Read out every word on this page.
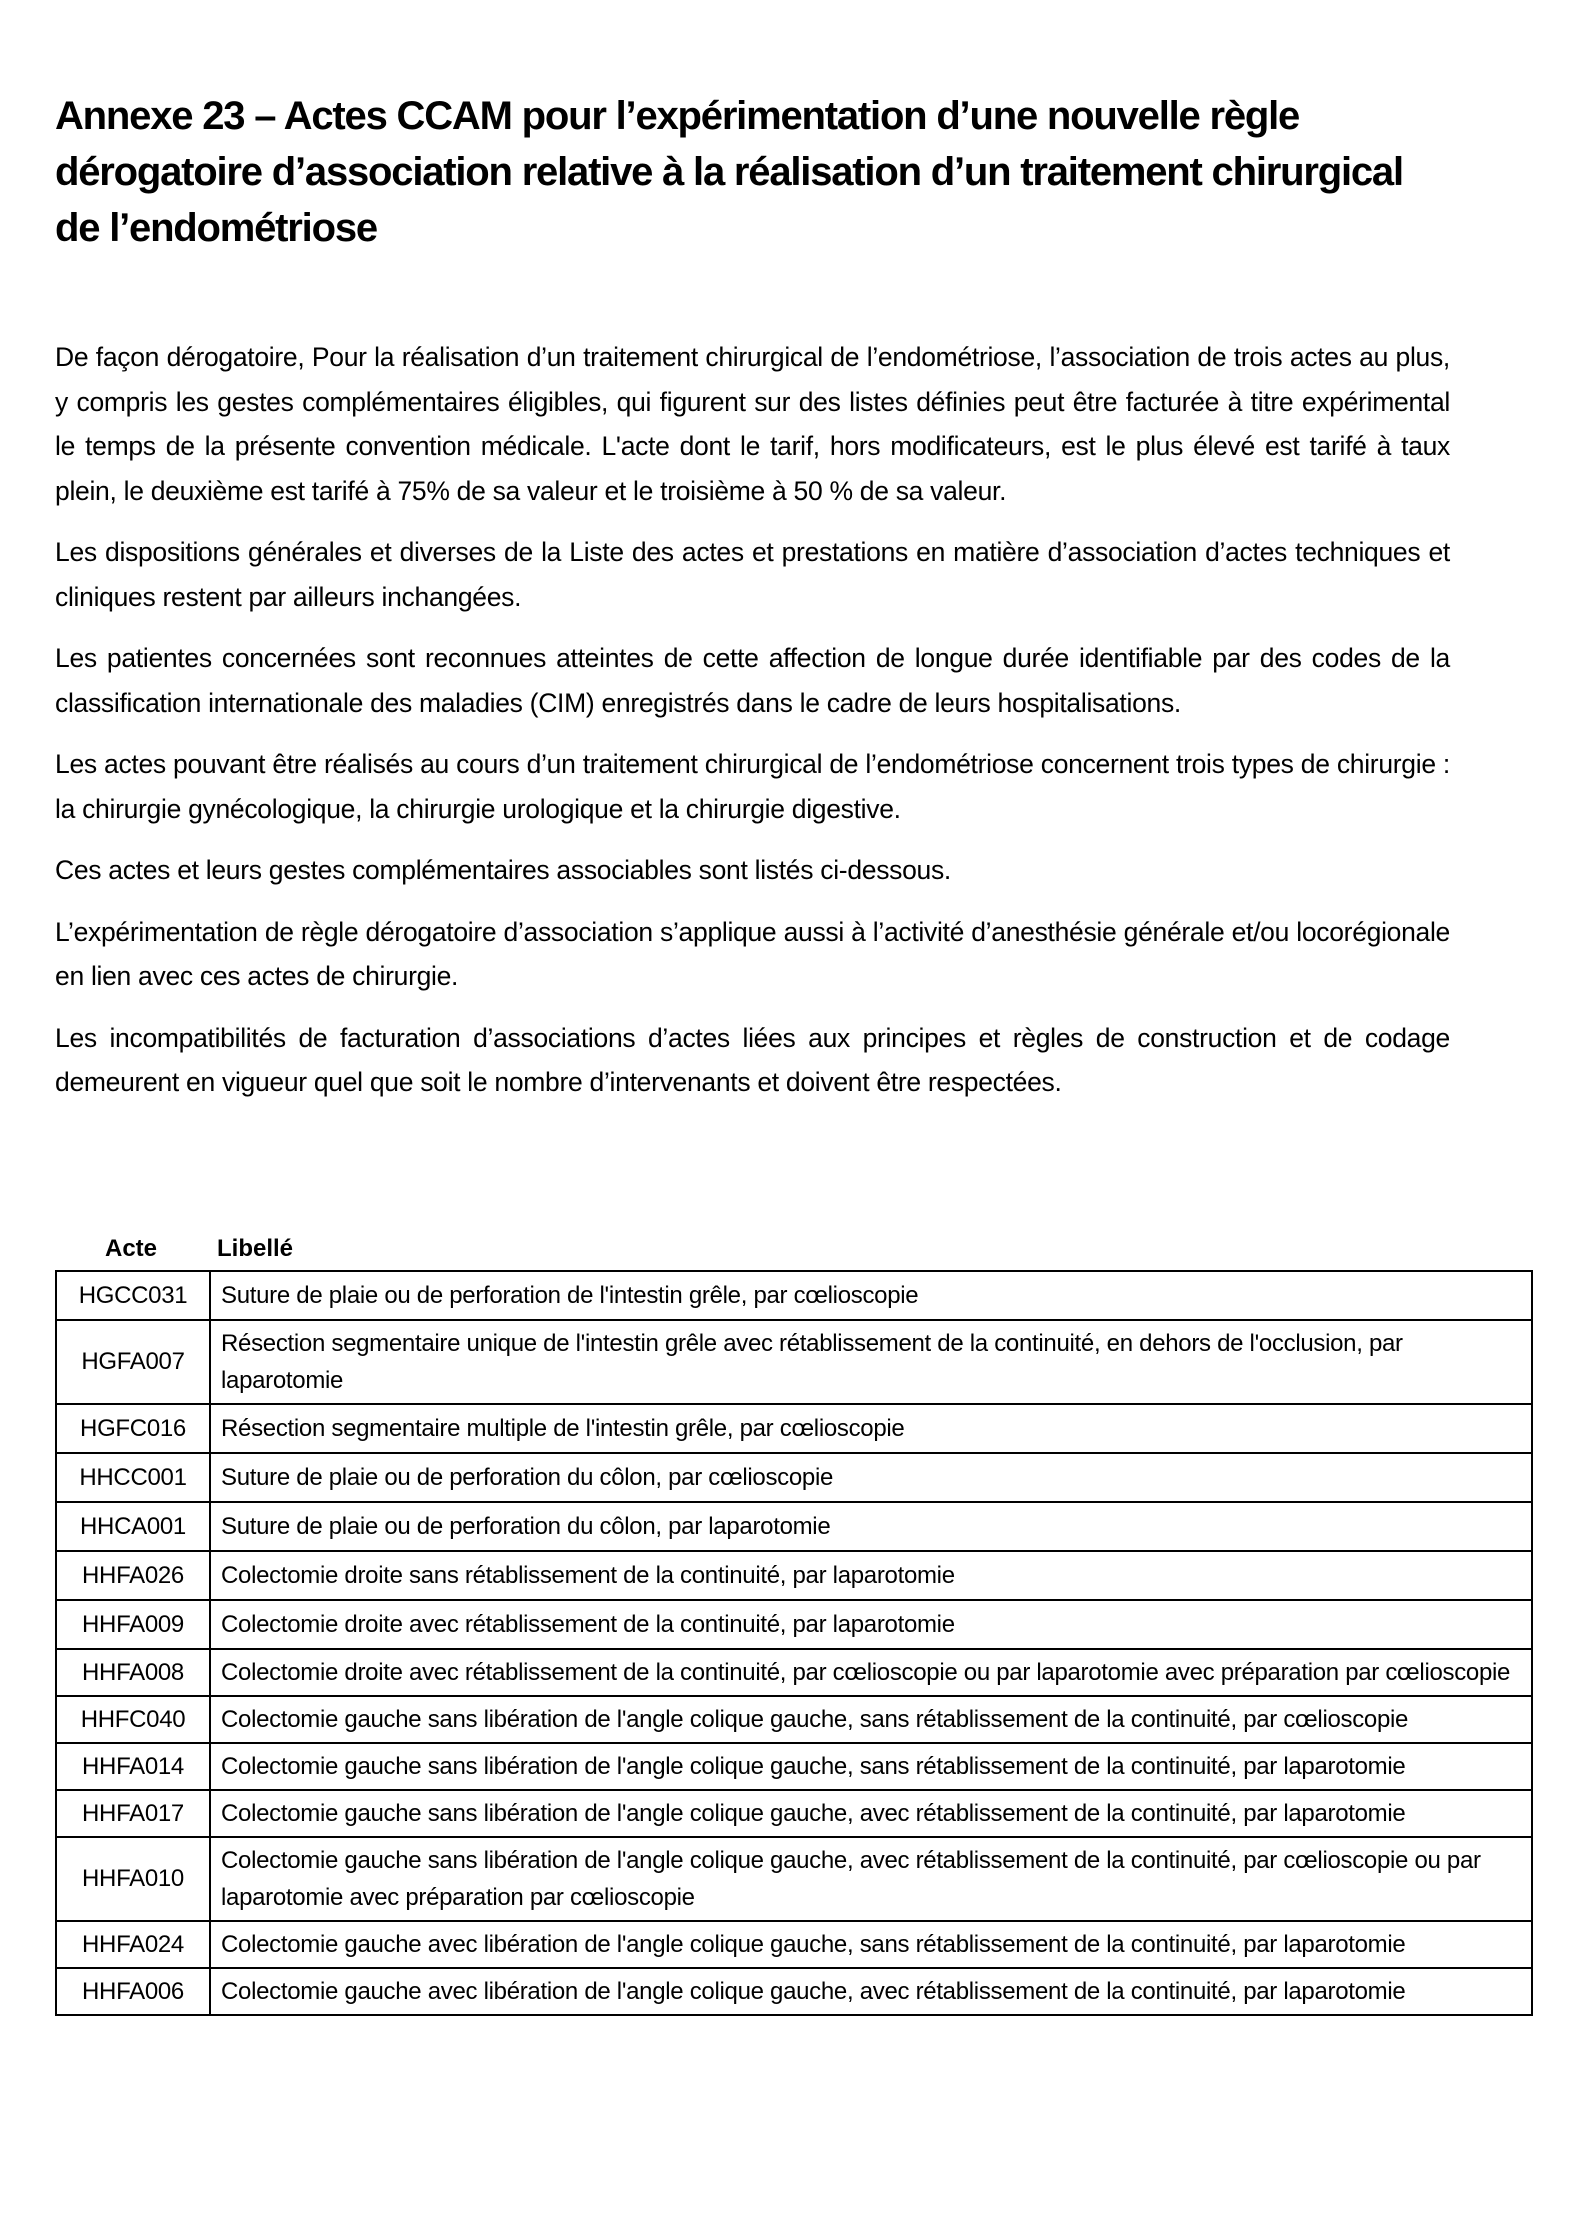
Annexe 23 – Actes CCAM pour l’expérimentation d’une nouvelle règle dérogatoire d’association relative à la réalisation d’un traitement chirurgical de l’endométriose

De façon dérogatoire, Pour la réalisation d’un traitement chirurgical de l’endométriose, l’association de trois actes au plus, y compris les gestes complémentaires éligibles, qui figurent sur des listes définies peut être facturée à titre expérimental le temps de la présente convention médicale. L'acte dont le tarif, hors modificateurs, est le plus élevé est tarifé à taux plein, le deuxième est tarifé à 75% de sa valeur et le troisième à 50 % de sa valeur.

Les dispositions générales et diverses de la Liste des actes et prestations en matière d’association d’actes techniques et cliniques restent par ailleurs inchangées.

Les patientes concernées sont reconnues atteintes de cette affection de longue durée identifiable par des codes de la classification internationale des maladies (CIM) enregistrés dans le cadre de leurs hospitalisations.

Les actes pouvant être réalisés au cours d’un traitement chirurgical de l’endométriose concernent trois types de chirurgie : la chirurgie gynécologique, la chirurgie urologique et la chirurgie digestive.

Ces actes et leurs gestes complémentaires associables sont listés ci-dessous.

L’expérimentation de règle dérogatoire d’association s’applique aussi à l’activité d’anesthésie générale et/ou locorégionale en lien avec ces actes de chirurgie.

Les incompatibilités de facturation d’associations d’actes liées aux principes et règles de construction et de codage demeurent en vigueur quel que soit le nombre d’intervenants et doivent être respectées.

Acte	Libellé
HGCC031	Suture de plaie ou de perforation de l'intestin grêle, par cœlioscopie
HGFA007	Résection segmentaire unique de l'intestin grêle avec rétablissement de la continuité, en dehors de l'occlusion, par laparotomie
HGFC016	Résection segmentaire multiple de l'intestin grêle, par cœlioscopie
HHCC001	Suture de plaie ou de perforation du côlon, par cœlioscopie
HHCA001	Suture de plaie ou de perforation du côlon, par laparotomie
HHFA026	Colectomie droite sans rétablissement de la continuité, par laparotomie
HHFA009	Colectomie droite avec rétablissement de la continuité, par laparotomie
HHFA008	Colectomie droite avec rétablissement de la continuité, par cœlioscopie ou par laparotomie avec préparation par cœlioscopie
HHFC040	Colectomie gauche sans libération de l'angle colique gauche, sans rétablissement de la continuité, par cœlioscopie
HHFA014	Colectomie gauche sans libération de l'angle colique gauche, sans rétablissement de la continuité, par laparotomie
HHFA017	Colectomie gauche sans libération de l'angle colique gauche, avec rétablissement de la continuité, par laparotomie
HHFA010	Colectomie gauche sans libération de l'angle colique gauche, avec rétablissement de la continuité, par cœlioscopie ou par laparotomie avec préparation par cœlioscopie
HHFA024	Colectomie gauche avec libération de l'angle colique gauche, sans rétablissement de la continuité, par laparotomie
HHFA006	Colectomie gauche avec libération de l'angle colique gauche, avec rétablissement de la continuité, par laparotomie
